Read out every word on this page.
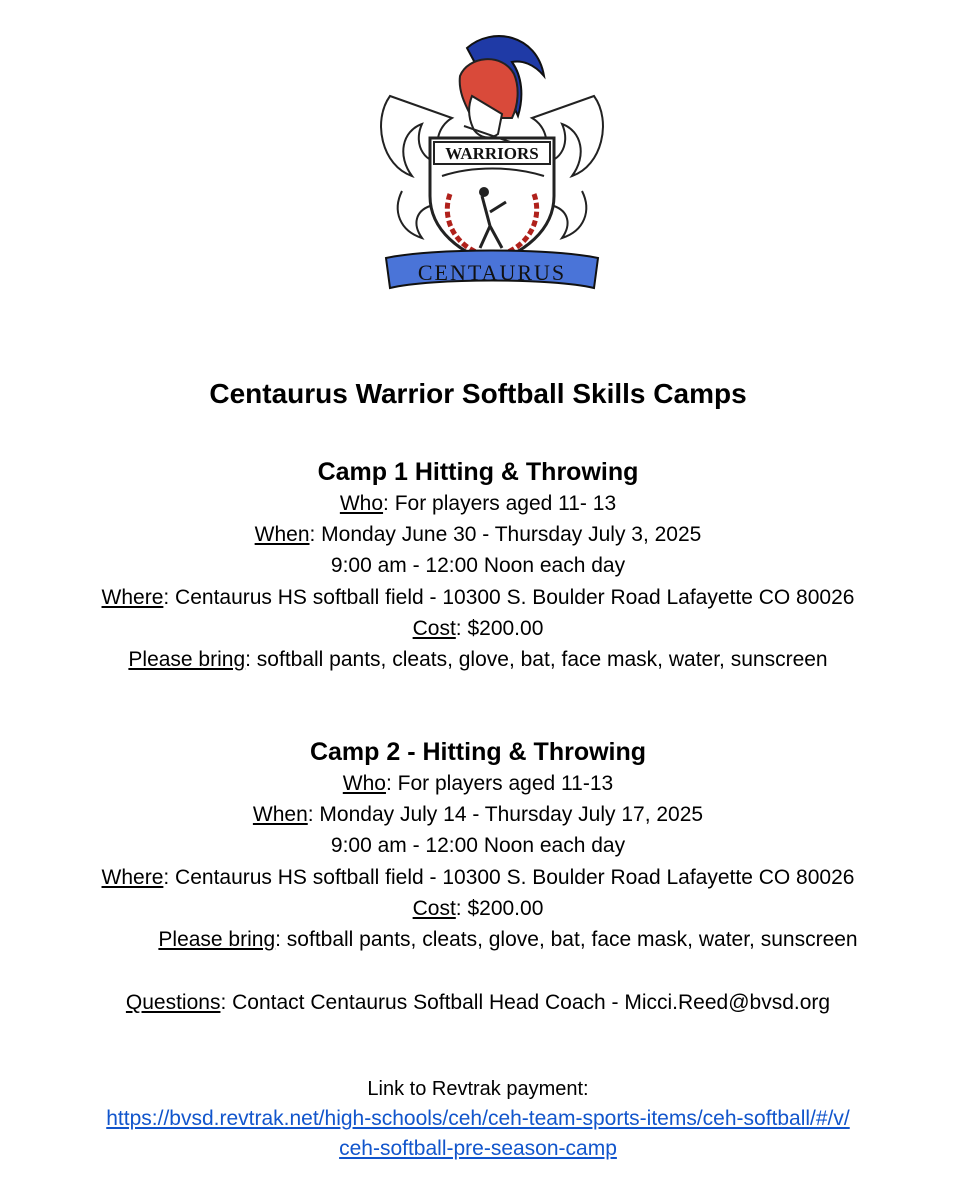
WARRIORS
CENTAURUS
Centaurus Warrior Softball Skills Camps
Camp 1 Hitting & Throwing
Who: For players aged 11- 13
When: Monday June 30 - Thursday July 3, 2025
9:00 am - 12:00 Noon each day
Where: Centaurus HS softball field - 10300 S. Boulder Road Lafayette CO 80026
Cost: $200.00
Please bring: softball pants, cleats, glove, bat, face mask, water, sunscreen
Camp 2 - Hitting & Throwing
Who: For players aged 11-13
When: Monday July 14 - Thursday July 17, 2025
9:00 am - 12:00 Noon each day
Where: Centaurus HS softball field - 10300 S. Boulder Road Lafayette CO 80026
Cost: $200.00
Please bring: softball pants, cleats, glove, bat, face mask, water, sunscreen
Questions: Contact Centaurus Softball Head Coach - Micci.Reed@bvsd.org
Link to Revtrak payment:
https://bvsd.revtrak.net/high-schools/ceh/ceh-team-sports-items/ceh-softball/#/v/
ceh-softball-pre-season-camp
